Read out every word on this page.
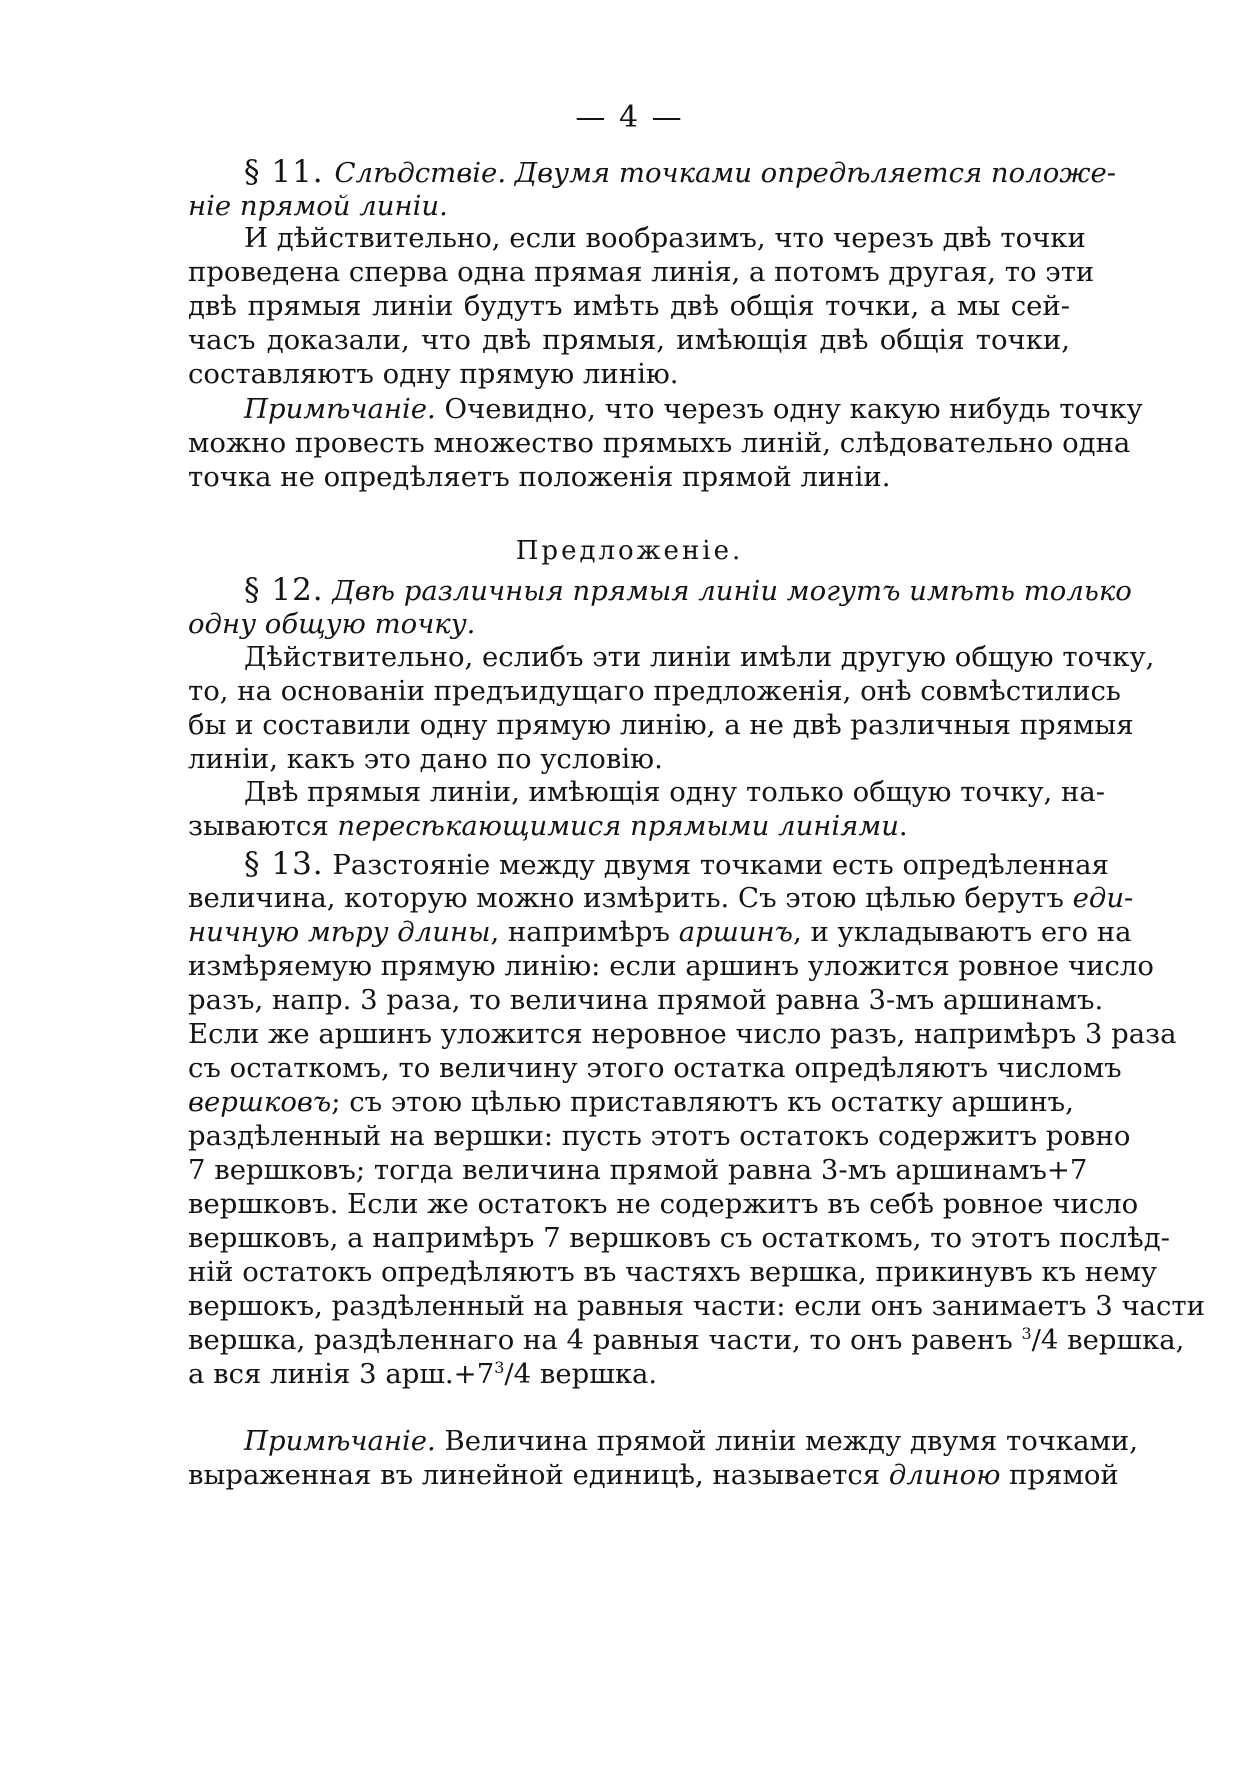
— 4 —
§ 11. Слѣдствіе. Двумя точками опредѣляется положе-
ніе прямой линіи.
И дѣйствительно, если вообразимъ, что черезъ двѣ точки
проведена сперва одна прямая линія, а потомъ другая, то эти
двѣ прямыя линіи будутъ имѣть двѣ общія точки, а мы сей-
часъ доказали, что двѣ прямыя, имѣющія двѣ общія точки,
составляютъ одну прямую линію.
Примѣчаніе. Очевидно, что черезъ одну какую нибудь точку
можно провесть множество прямыхъ линій, слѣдовательно одна
точка не опредѣляетъ положенія прямой линіи.
Предложеніе.
§ 12. Двѣ различныя прямыя линіи могутъ имѣть только
одну общую точку.
Дѣйствительно, еслибъ эти линіи имѣли другую общую точку,
то, на основаніи предъидущаго предложенія, онѣ совмѣстились
бы и составили одну прямую линію, а не двѣ различныя прямыя
линіи, какъ это дано по условію.
Двѣ прямыя линіи, имѣющія одну только общую точку, на-
зываются пересѣкающимися прямыми линіями.
§ 13. Разстояніе между двумя точками есть опредѣленная
величина, которую можно измѣрить. Съ этою цѣлью берутъ еди-
ничную мѣру длины, напримѣръ аршинъ, и укладываютъ его на
измѣряемую прямую линію: если аршинъ уложится ровное число
разъ, напр. 3 раза, то величина прямой равна 3-мъ аршинамъ.
Если же аршинъ уложится неровное число разъ, напримѣръ 3 раза
съ остаткомъ, то величину этого остатка опредѣляютъ числомъ
вершковъ; съ этою цѣлью приставляютъ къ остатку аршинъ,
раздѣленный на вершки: пусть этотъ остатокъ содержитъ ровно
7 вершковъ; тогда величина прямой равна 3-мъ аршинамъ+7
вершковъ. Если же остатокъ не содержитъ въ себѣ ровное число
вершковъ, а напримѣръ 7 вершковъ съ остаткомъ, то этотъ послѣд-
ній остатокъ опредѣляютъ въ частяхъ вершка, прикинувъ къ нему
вершокъ, раздѣленный на равныя части: если онъ занимаетъ 3 части
вершка, раздѣленнаго на 4 равныя части, то онъ равенъ $^3$/4 вершка,
а вся линія 3 $арш.+7^3/4$ вершка.
Примѣчаніе. Величина прямой линіи между двумя точками,
выраженная въ линейной единицѣ, называется длиною прямой
